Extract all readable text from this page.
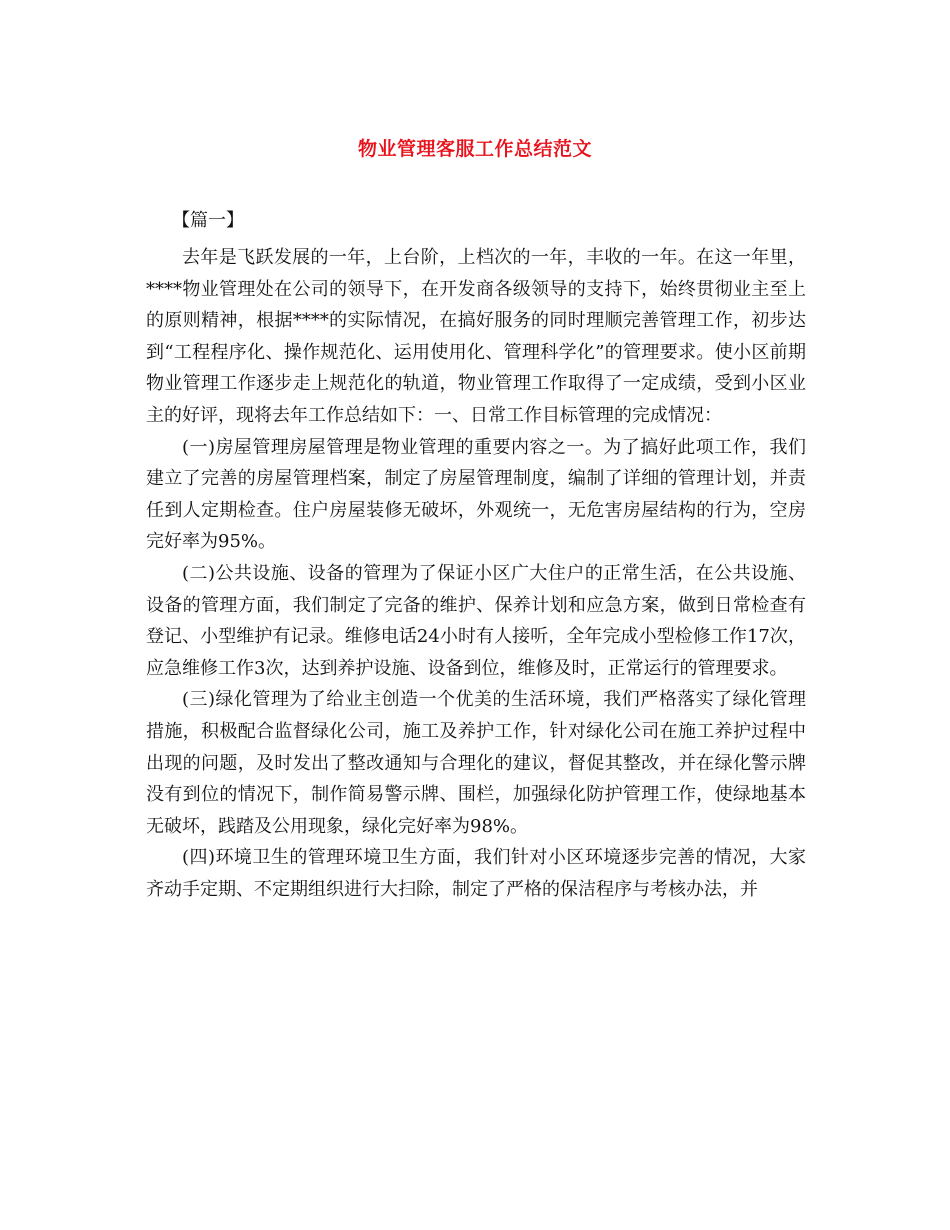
物业管理客服工作总结范文
【篇一】

去年是飞跃发展的一年，上台阶，上档次的一年，丰收的一年。在这一年里，****物业管理处在公司的领导下，在开发商各级领导的支持下，始终贯彻业主至上的原则精神，根据****的实际情况，在搞好服务的同时理顺完善管理工作，初步达到“工程程序化、操作规范化、运用使用化、管理科学化”的管理要求。使小区前期物业管理工作逐步走上规范化的轨道，物业管理工作取得了一定成绩，受到小区业主的好评，现将去年工作总结如下：一、日常工作目标管理的完成情况：

(一)房屋管理房屋管理是物业管理的重要内容之一。为了搞好此项工作，我们建立了完善的房屋管理档案，制定了房屋管理制度，编制了详细的管理计划，并责任到人定期检查。住户房屋装修无破坏，外观统一，无危害房屋结构的行为，空房完好率为95%。

(二)公共设施、设备的管理为了保证小区广大住户的正常生活，在公共设施、设备的管理方面，我们制定了完备的维护、保养计划和应急方案，做到日常检查有登记、小型维护有记录。维修电话24小时有人接听，全年完成小型检修工作17次，应急维修工作3次，达到养护设施、设备到位，维修及时，正常运行的管理要求。

(三)绿化管理为了给业主创造一个优美的生活环境，我们严格落实了绿化管理措施，积极配合监督绿化公司，施工及养护工作，针对绿化公司在施工养护过程中出现的问题，及时发出了整改通知与合理化的建议，督促其整改，并在绿化警示牌没有到位的情况下，制作简易警示牌、围栏，加强绿化防护管理工作，使绿地基本无破坏，践踏及公用现象，绿化完好率为98%。

(四)环境卫生的管理环境卫生方面，我们针对小区环境逐步完善的情况，大家齐动手定期、不定期组织进行大扫除，制定了严格的保洁程序与考核办法，并
